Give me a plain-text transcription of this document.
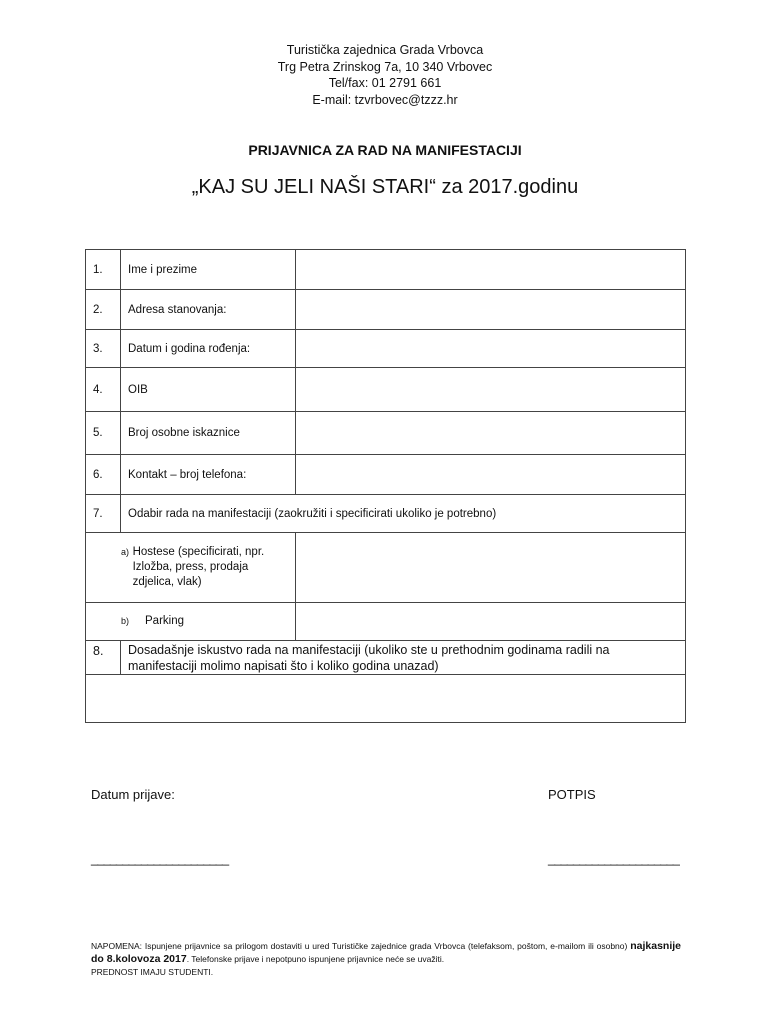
Turistička zajednica Grada Vrbovca
Trg Petra Zrinskog 7a, 10 340 Vrbovec
Tel/fax: 01 2791 661
E-mail: tzvrbovec@tzzz.hr
PRIJAVNICA ZA RAD NA MANIFESTACIJI
„KAJ SU JELI NAŠI STARI“ za 2017.godinu
1.	Ime i prezime	
2.	Adresa stanovanja:	
3.	Datum i godina rođenja:	
4.	OIB	
5.	Broj osobne iskaznice	
6.	Kontakt – broj telefona:	
7.	Odabir rada na manifestaciji (zaokružiti i specificirati ukoliko je potrebno)	

a) Hostese (specificirati, npr. Izložba, press, prodaja zdjelica, vlak)		

b) Parking		

8.	Dosadašnje iskustvo rada na manifestaciji (ukoliko ste u prethodnim godinama radili na manifestaciji molimo napisati što i koliko godina unazad)	

Datum prijave:	POTPIS
______________________	_____________________
NAPOMENA: Ispunjene prijavnice sa prilogom dostaviti u ured Turističke zajednice grada Vrbovca (telefaksom, poštom, e-mailom ili osobno) najkasnije do 8.kolovoza 2017. Telefonske prijave i nepotpuno ispunjene prijavnice neće se uvažiti.
PREDNOST IMAJU STUDENTI.
